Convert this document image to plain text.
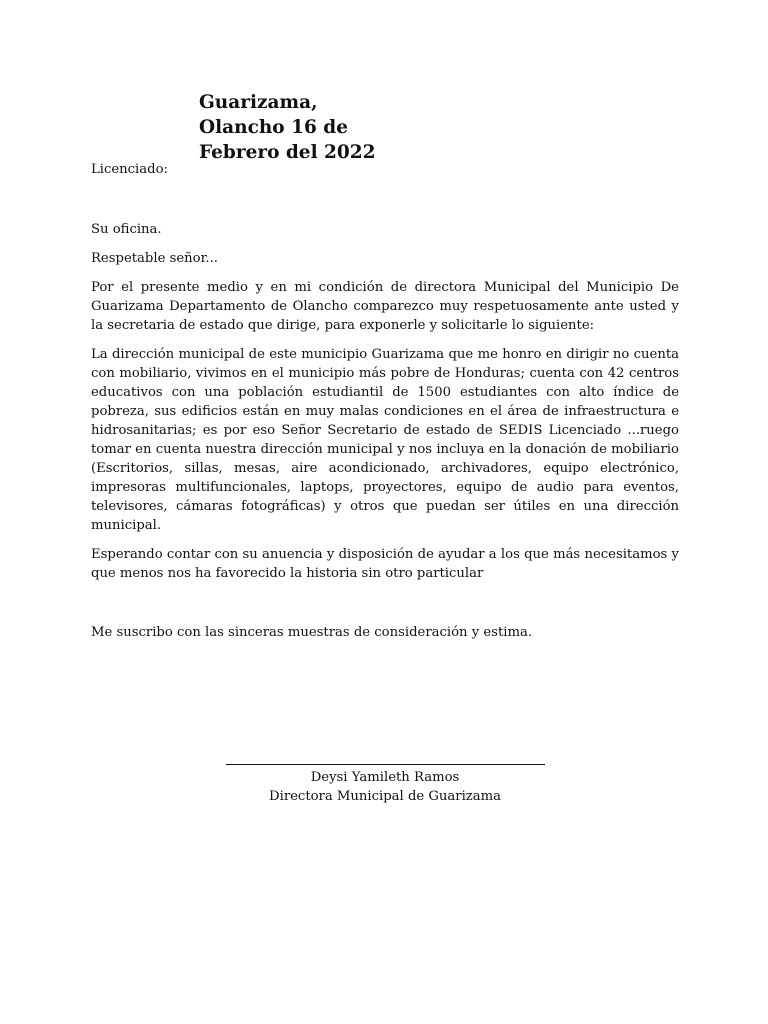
Guarizama,
Olancho 16 de
Febrero del 2022
Licenciado:

Su oficina.

Respetable señor...

Por el presente medio y en mi condición de directora Municipal del Municipio De Guarizama Departamento de Olancho comparezco muy respetuosamente ante usted y la secretaria de estado que dirige, para exponerle y solicitarle lo siguiente:

La dirección municipal de este municipio Guarizama que me honro en dirigir no cuenta con mobiliario, vivimos en el municipio más pobre de Honduras; cuenta con 42 centros educativos con una población estudiantil de 1500 estudiantes con alto índice de pobreza, sus edificios están en muy malas condiciones en el área de infraestructura e hidrosanitarias; es por eso Señor Secretario de estado de SEDIS Licenciado ...ruego tomar en cuenta nuestra dirección municipal y nos incluya en la donación de mobiliario (Escritorios, sillas, mesas, aire acondicionado, archivadores, equipo electrónico, impresoras multifuncionales, laptops, proyectores, equipo de audio para eventos, televisores, cámaras fotográficas) y otros que puedan ser útiles en una dirección municipal.

Esperando contar con su anuencia y disposición de ayudar a los que más necesitamos y que menos nos ha favorecido la historia sin otro particular

Me suscribo con las sinceras muestras de consideración y estima.

Deysi Yamileth Ramos
Directora Municipal de Guarizama
